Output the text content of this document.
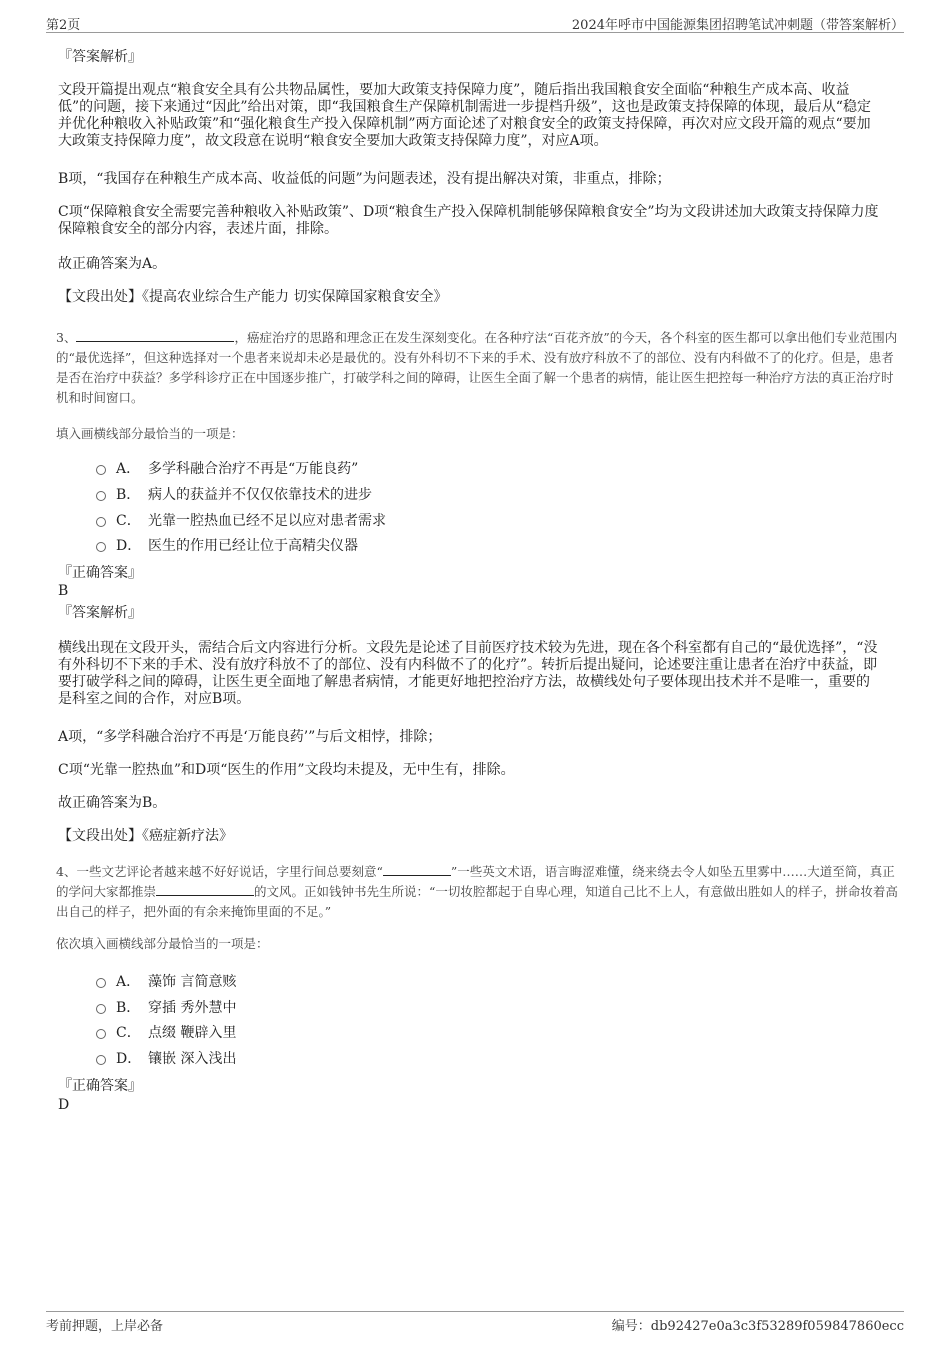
第2页	2024年呼市中国能源集团招聘笔试冲刺题（带答案解析）
『答案解析』
文段开篇提出观点“粮食安全具有公共物品属性，要加大政策支持保障力度”，随后指出我国粮食安全面临“种粮生产成本高、收益低”的问题，接下来通过“因此”给出对策，即“我国粮食生产保障机制需进一步提档升级”，这也是政策支持保障的体现，最后从“稳定并优化种粮收入补贴政策”和“强化粮食生产投入保障机制”两方面论述了对粮食安全的政策支持保障，再次对应文段开篇的观点“要加大政策支持保障力度”，故文段意在说明“粮食安全要加大政策支持保障力度”，对应A项。
B项，“我国存在种粮生产成本高、收益低的问题”为问题表述，没有提出解决对策，非重点，排除；
C项“保障粮食安全需要完善种粮收入补贴政策”、D项“粮食生产投入保障机制能够保障粮食安全”均为文段讲述加大政策支持保障力度保障粮食安全的部分内容，表述片面，排除。
故正确答案为A。
【文段出处】《提高农业综合生产能力 切实保障国家粮食安全》
3、	，癌症治疗的思路和理念正在发生深刻变化。在各种疗法“百花齐放”的今天，各个科室的医生都可以拿出他们专业范围内的“最优选择”，但这种选择对一个患者来说却未必是最优的。没有外科切不下来的手术、没有放疗科放不了的部位、没有内科做不了的化疗。但是，患者是否在治疗中获益？多学科诊疗正在中国逐步推广，打破学科之间的障碍，让医生全面了解一个患者的病情，能让医生把控每一种治疗方法的真正治疗时机和时间窗口。
填入画横线部分最恰当的一项是：
A． 多学科融合治疗不再是“万能良药”
B． 病人的获益并不仅仅依靠技术的进步
C． 光靠一腔热血已经不足以应对患者需求
D． 医生的作用已经让位于高精尖仪器
『正确答案』
B
『答案解析』
横线出现在文段开头，需结合后文内容进行分析。文段先是论述了目前医疗技术较为先进，现在各个科室都有自己的“最优选择”，“没有外科切不下来的手术、没有放疗科放不了的部位、没有内科做不了的化疗”。转折后提出疑问，论述要注重让患者在治疗中获益，即要打破学科之间的障碍，让医生更全面地了解患者病情，才能更好地把控治疗方法，故横线处句子要体现出技术并不是唯一，重要的是科室之间的合作，对应B项。
A项，“多学科融合治疗不再是‘万能良药’”与后文相悖，排除；
C项“光靠一腔热血”和D项“医生的作用”文段均未提及，无中生有，排除。
故正确答案为B。
【文段出处】《癌症新疗法》
4、一些文艺评论者越来越不好好说话，字里行间总要刻意“	”一些英文术语，语言晦涩难懂，绕来绕去令人如坠五里雾中……大道至简，真正的学问大家都推崇	的文风。正如钱钟书先生所说：“一切妆腔都起于自卑心理，知道自己比不上人，有意做出胜如人的样子，拼命妆着高出自己的样子，把外面的有余来掩饰里面的不足。”
依次填入画横线部分最恰当的一项是：
A． 藻饰 言简意赅
B． 穿插 秀外慧中
C． 点缀 鞭辟入里
D． 镶嵌 深入浅出
『正确答案』
D
考前押题，上岸必备	编号：db92427e0a3c3f53289f059847860ecc
